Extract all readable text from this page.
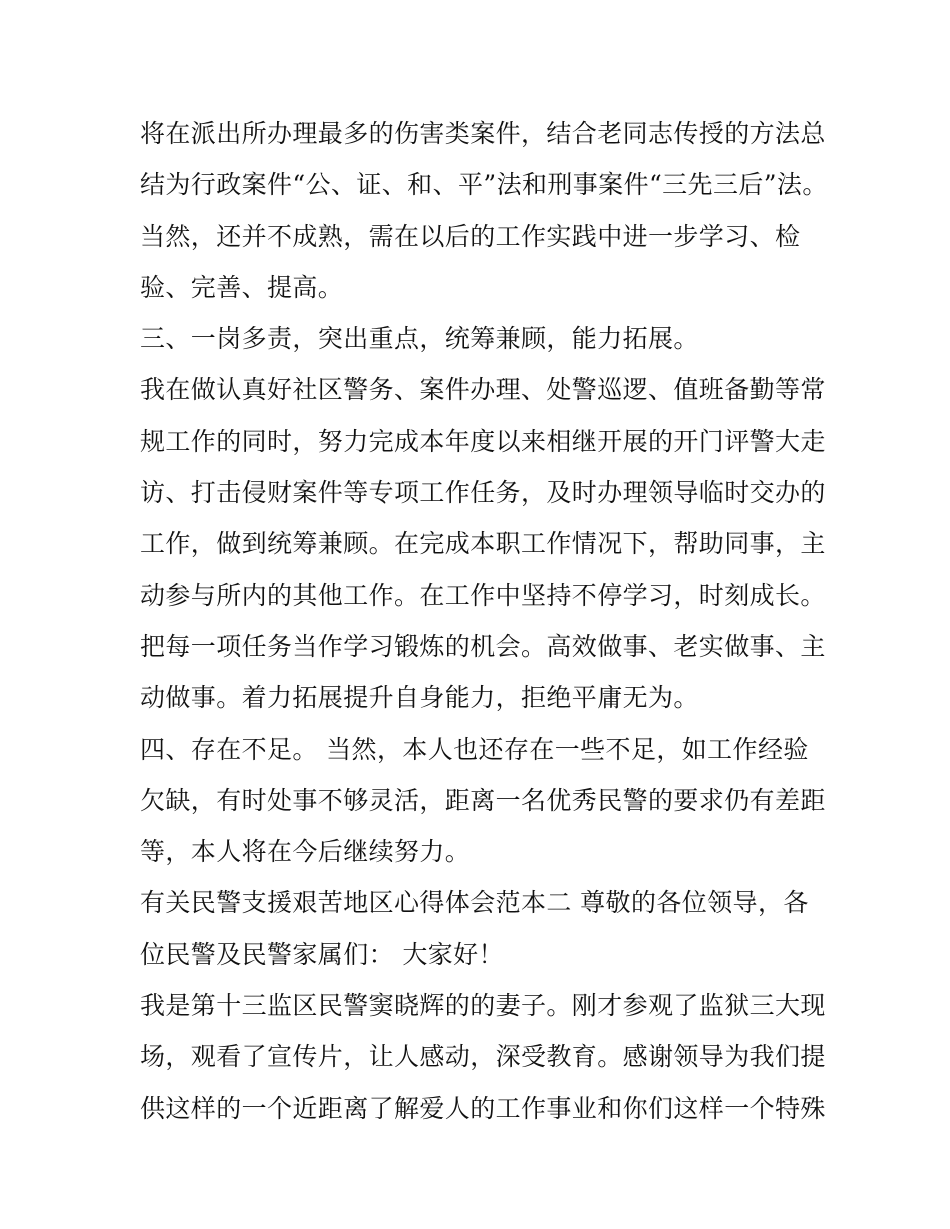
将在派出所办理最多的伤害类案件，结合老同志传授的方法总
结为行政案件“公、证、和、平”法和刑事案件“三先三后”法。
当然，还并不成熟，需在以后的工作实践中进一步学习、检
验、完善、提高。
三、一岗多责，突出重点，统筹兼顾，能力拓展。
我在做认真好社区警务、案件办理、处警巡逻、值班备勤等常
规工作的同时，努力完成本年度以来相继开展的开门评警大走
访、打击侵财案件等专项工作任务，及时办理领导临时交办的
工作，做到统筹兼顾。在完成本职工作情况下，帮助同事，主
动参与所内的其他工作。在工作中坚持不停学习，时刻成长。
把每一项任务当作学习锻炼的机会。高效做事、老实做事、主
动做事。着力拓展提升自身能力，拒绝平庸无为。
四、存在不足。 当然，本人也还存在一些不足，如工作经验
欠缺，有时处事不够灵活，距离一名优秀民警的要求仍有差距
等，本人将在今后继续努力。
有关民警支援艰苦地区心得体会范本二 尊敬的各位领导，各
位民警及民警家属们： 大家好！
我是第十三监区民警窦晓辉的的妻子。刚才参观了监狱三大现
场，观看了宣传片，让人感动，深受教育。感谢领导为我们提
供这样的一个近距离了解爱人的工作事业和你们这样一个特殊
